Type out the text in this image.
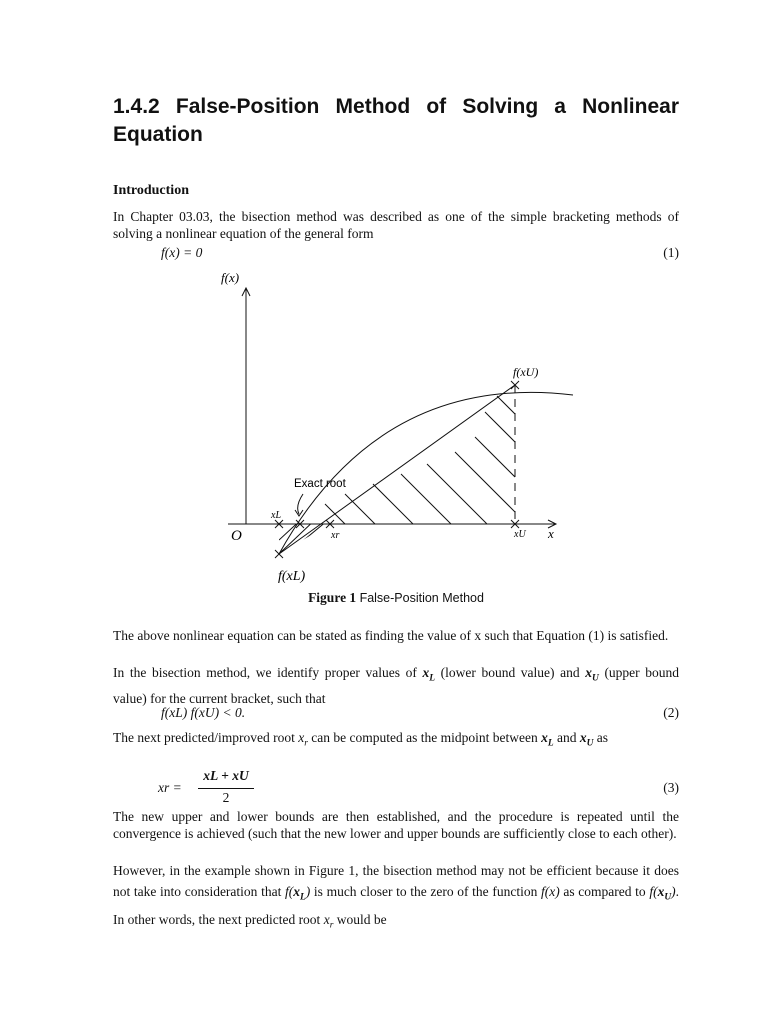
1.4.2 False-Position Method of Solving a Nonlinear Equation
Introduction

In Chapter 03.03, the bisection method was described as one of the simple bracketing methods of solving a nonlinear equation of the general form

f(x) = 0	(1)
f(x)
x
O
f(xU)
f(xL)
Exact root
xL
xr	xU
Figure 1 False-Position Method

The above nonlinear equation can be stated as finding the value of x such that Equation (1) is satisfied.

In the bisection method, we identify proper values of $x_L$ (lower bound value) and $x_U$ (upper bound value) for the current bracket, such that

f(xL) f(xU) < 0.	(2)

The next predicted/improved root $x_r$ can be computed as the midpoint between $x_L$ and $x_U$ as

xr =
xL + xU
2
(3)

The new upper and lower bounds are then established, and the procedure is repeated until the convergence is achieved (such that the new lower and upper bounds are sufficiently close to each other).

However, in the example shown in Figure 1, the bisection method may not be efficient because it does not take into consideration that $f(x_L)$ is much closer to the zero of the function f(x) as compared to $f(x_U)$. In other words, the next predicted root $x_r$ would be
